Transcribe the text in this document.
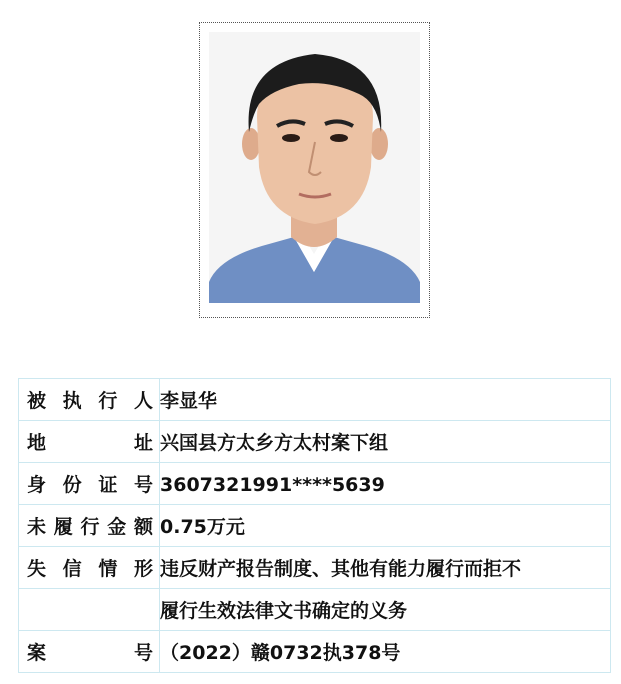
被执行人	李显华

地址	兴国县方太乡方太村案下组

身份证号	3607321991****5639

未履行金额	0.75万元

失信情形	违反财产报告制度、其他有能力履行而拒不
	履行生效法律文书确定的义务

案号	（2022）赣0732执378号
